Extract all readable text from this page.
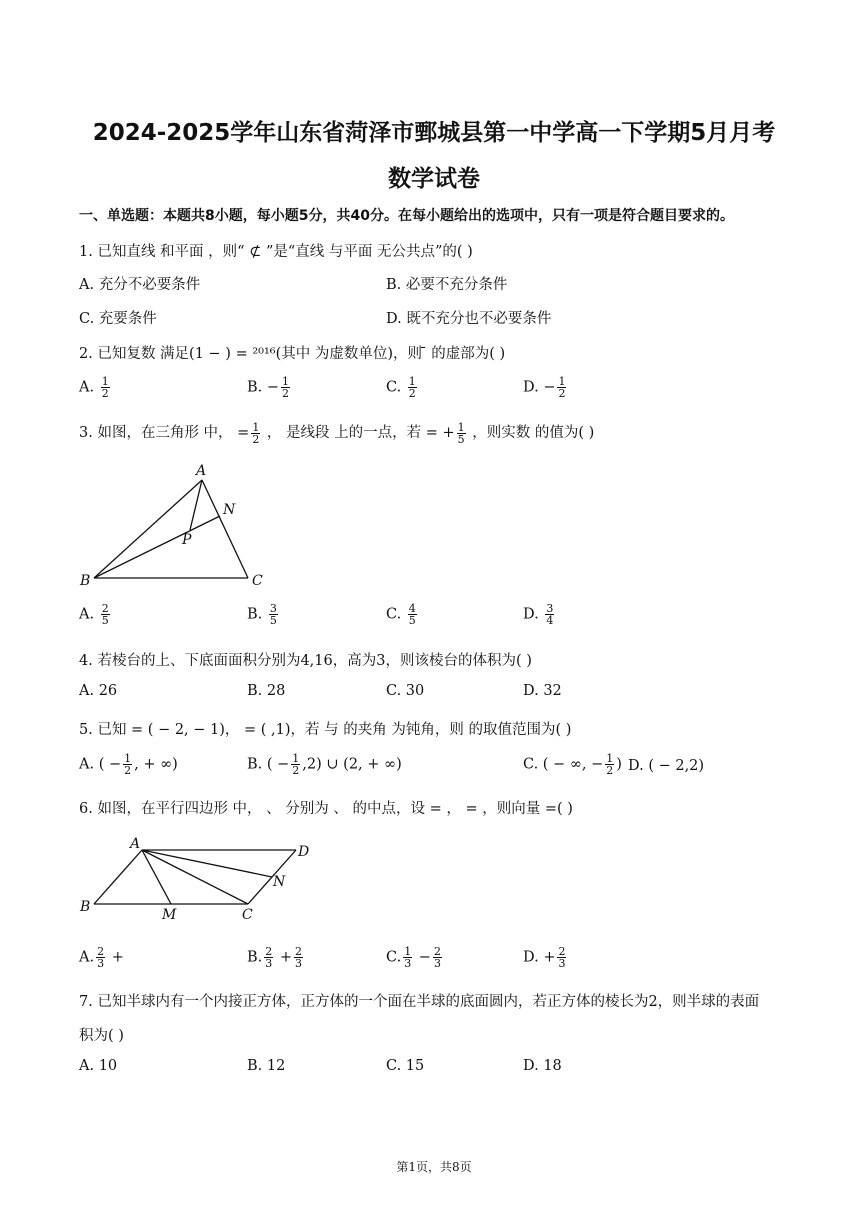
2024-2025学年山东省菏泽市鄄城县第一中学高一下学期5月月考
数学试卷
一、单选题：本题共8小题，每小题5分，共40分。在每小题给出的选项中，只有一项是符合题目要求的。
1. 已知直线 和平面 ，则“ ⊄ ”是“直线 与平面 无公共点”的( )
A. 充分不必要条件	B. 必要不充分条件
C. 充要条件	D. 既不充分也不必要条件
2. 已知复数 满足(1 − ) = ²⁰¹⁶(其中 为虚数单位)，则 ̄ 的虚部为( )
A. $\frac{1}{2}$	B. − $\frac{1}{2}$	C. $\frac{1}{2}$	D. − $\frac{1}{2}$
3. 如图，在三角形 中， = $\frac{1}{2}$ ， 是线段 上的一点，若 = + $\frac{1}{5}$ ，则实数 的值为( )
A
B	C
N
P
A. $\frac{2}{5}$	B. $\frac{3}{5}$	C. $\frac{4}{5}$	D. $\frac{3}{4}$
4. 若棱台的上、下底面面积分别为4,16，高为3，则该棱台的体积为( )
A. 26	B. 28	C. 30	D. 32
5. 已知 = ( − 2, − 1)， = ( ,1)，若 与 的夹角 为钝角，则 的取值范围为( )
A. ( − $\frac{1}{2}$ , + ∞)	B. ( − $\frac{1}{2} ,2$) ∪ (2, + ∞)	C. ( − ∞, − $\frac{1}{2}$ ) D. ( − 2,2)
6. 如图，在平行四边形 中， 、 分别为 、 的中点，设 = ， = ，则向量 =( )
A
B	C
D
M
N
A. $\frac{2}{3}$ +	B. $\frac{2}{3} + \frac{2}{3}$	C. $\frac{1}{3} - \frac{2}{3}$	D. + $\frac{2}{3}$
7. 已知半球内有一个内接正方体，正方体的一个面在半球的底面圆内，若正方体的棱长为2，则半球的表面
积为( )
A. 10	B. 12	C. 15	D. 18
第1页，共8页
